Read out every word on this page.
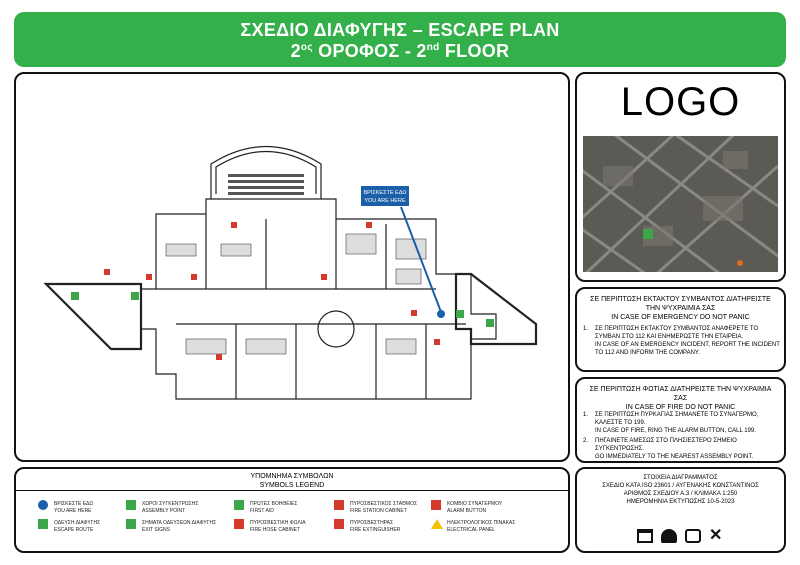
ΣΧΕΔΙΟ ΔΙΑΦΥΓΗΣ – ESCAPE PLAN
$2^{o\varsigma}$ ΟΡΟΦΟΣ - 2nd FLOOR
ΒΡΙΣΚΕΣΤΕ ΕΔΩ
YOU ARE HERE
LOGO
ΣΕ ΠΕΡΙΠΤΩΣΗ ΕΚΤΑΚΤΟΥ ΣΥΜΒΑΝΤΟΣ ΔΙΑΤΗΡΕΙΣΤΕ ΤΗΝ ΨΥΧΡΑΙΜΙΑ ΣΑΣ
IN CASE OF EMERGENCY DO NOT PANIC
1. ΣΕ ΠΕΡΙΠΤΩΣΗ ΕΚΤΑΚΤΟΥ ΣΥΜΒΑΝΤΟΣ ΑΝΑΦΕΡΕΤΕ ΤΟ ΣΥΜΒΑΝ ΣΤΟ 112 ΚΑΙ ΕΝΗΜΕΡΩΣΤΕ ΤΗΝ ΕΤΑΙΡΕΙΑ.
IN CASE OF AN EMERGENCY INCIDENT, REPORT THE INCIDENT TO 112 AND INFORM THE COMPANY.
ΣΕ ΠΕΡΙΠΤΩΣΗ ΦΩΤΙΑΣ ΔΙΑΤΗΡΕΙΣΤΕ ΤΗΝ ΨΥΧΡΑΙΜΙΑ ΣΑΣ
IN CASE OF FIRE DO NOT PANIC
1. ΣΕ ΠΕΡΙΠΤΩΣΗ ΠΥΡΚΑΓΙΑΣ ΣΗΜΑΝΕΤΕ ΤΟ ΣΥΝΑΓΕΡΜΟ, ΚΑΛΕΣΤΕ ΤΟ 199.
IN CASE OF FIRE, RING THE ALARM BUTTON, CALL 199.
2. ΠΗΓΑΙΝΕΤΕ ΑΜΕΣΩΣ ΣΤΟ ΠΛΗΣΙΕΣΤΕΡΟ ΣΗΜΕΙΟ ΣΥΓΚΕΝΤΡΩΣΗΣ.
GO IMMEDIATELY TO THE NEAREST ASSEMBLY POINT.
ΥΠΟΜΝΗΜΑ ΣΥΜΒΟΛΩΝ
SYMBOLS LEGEND
ΒΡΙΣΚΕΣΤΕ ΕΔΩ
YOU ARE HERE
ΟΔΕΥΣΗ ΔΙΑΦΥΓΗΣ
ESCAPE ROUTE
ΧΩΡΟΙ ΣΥΓΚΕΝΤΡΩΣΗΣ
ASSEMBLY POINT
ΣΗΜΑΤΑ ΟΔΕΥΣΕΩΝ ΔΙΑΦΥΓΗΣ
EXIT SIGNS
ΠΡΩΤΕΣ ΒΟΗΘΕΙΕΣ
FIRST AID
ΠΥΡΟΣΒΕΣΤΙΚΗ ΦΩΛΙΑ
FIRE HOSE CABINET
ΠΥΡΟΣΒΕΣΤΙΚΟΣ ΣΤΑΘΜΟΣ
FIRE STATION CABINET
ΠΥΡΟΣΒΕΣΤΗΡΑΣ
FIRE EXTINGUISHER
ΚΟΜΒΙΟ ΣΥΝΑΓΕΡΜΟΥ
ALARM BUTTON
ΗΛΕΚΤΡΟΛΟΓΙΚΟΣ ΠΙΝΑΚΑΣ
ELECTRICAL PANEL
ΣΤΟΙΧΕΙΑ ΔΙΑΓΡΑΜΜΑΤΟΣ
ΣΧΕΔΙΟ ΚΑΤΑ ISO 23601 / ΑΥΓΕΝΑΚΗΣ ΚΩΝΣΤΑΝΤΙΝΟΣ
ΑΡΙΘΜΟΣ ΣΧΕΔΙΟΥ Α.3 / ΚΛΙΜΑΚΑ 1:250
ΗΜΕΡΟΜΗΝΙΑ ΕΚΤΥΠΩΣΗΣ 10-5-2023
✕
